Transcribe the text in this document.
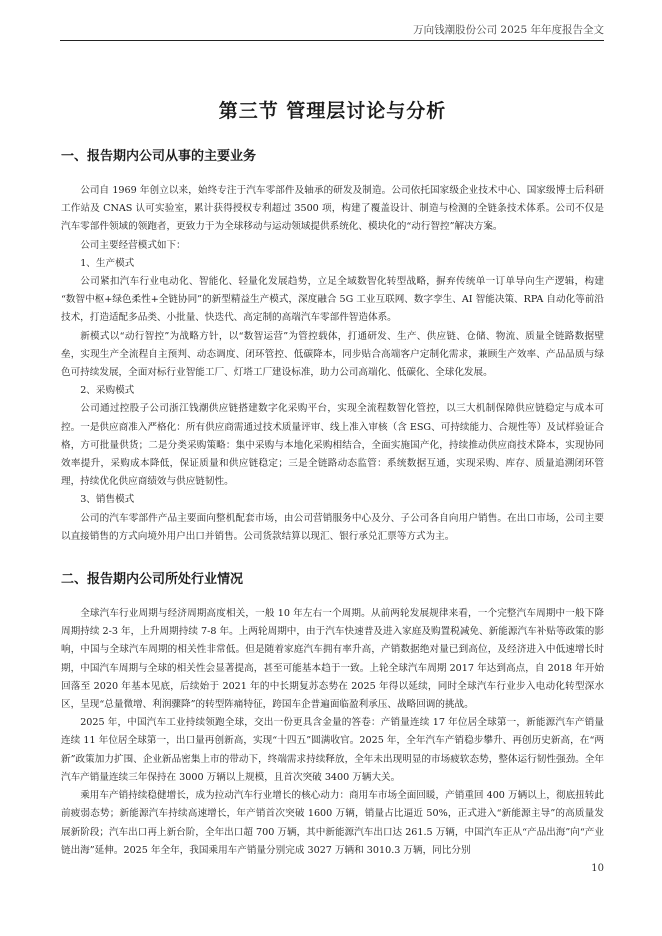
万向钱潮股份公司 2025 年年度报告全文
第三节 管理层讨论与分析
一、报告期内公司从事的主要业务

公司自 1969 年创立以来，始终专注于汽车零部件及轴承的研发及制造。公司依托国家级企业技术中心、国家级博士后科研工作站及 CNAS 认可实验室，累计获得授权专利超过 3500 项，构建了覆盖设计、制造与检测的全链条技术体系。公司不仅是汽车零部件领域的领跑者，更致力于为全球移动与运动领域提供系统化、模块化的“动行智控”解决方案。

公司主要经营模式如下：

1、生产模式

公司紧扣汽车行业电动化、智能化、轻量化发展趋势，立足全域数智化转型战略，摒弃传统单一订单导向生产逻辑，构建 “数智中枢+绿色柔性+全链协同”的新型精益生产模式，深度融合 5G 工业互联网、数字孪生、AI 智能决策、RPA 自动化等前沿技术，打造适配多品类、小批量、快迭代、高定制的高端汽车零部件智造体系。

新模式以“动行智控”为战略方针，以“数智运营”为管控载体，打通研发、生产、供应链、仓储、物流、质量全链路数据壁垒，实现生产全流程自主预判、动态调度、闭环管控、低碳降本，同步贴合高端客户定制化需求，兼顾生产效率、产品品质与绿色可持续发展，全面对标行业智能工厂、灯塔工厂建设标准，助力公司高端化、低碳化、全球化发展。

2、采购模式

公司通过控股子公司浙江钱潮供应链搭建数字化采购平台，实现全流程数智化管控，以三大机制保障供应链稳定与成本可控。一是供应商准入严格化：所有供应商需通过技术质量评审、线上准入审核（含 ESG、可持续能力、合规性等）及试样验证合格，方可批量供货；二是分类采购策略：集中采购与本地化采购相结合，全面实施国产化，持续推动供应商技术降本，实现协同效率提升，采购成本降低，保证质量和供应链稳定；三是全链路动态监管：系统数据互通，实现采购、库存、质量追溯闭环管理，持续优化供应商绩效与供应链韧性。

3、销售模式

公司的汽车零部件产品主要面向整机配套市场，由公司营销服务中心及分、子公司各自向用户销售。在出口市场，公司主要以直接销售的方式向境外用户出口并销售。公司货款结算以现汇、银行承兑汇票等方式为主。

二、报告期内公司所处行业情况

全球汽车行业周期与经济周期高度相关，一般 10 年左右一个周期。从前两轮发展规律来看，一个完整汽车周期中一般下降周期持续 2-3 年，上升周期持续 7-8 年。上两轮周期中，由于汽车快速普及进入家庭及购置税减免、新能源汽车补贴等政策的影响，中国与全球汽车周期的相关性非常低。但是随着家庭汽车拥有率升高，产销数据绝对量已到高位，及经济进入中低速增长时期，中国汽车周期与全球的相关性会显著提高，甚至可能基本趋于一致。上轮全球汽车周期 2017 年达到高点，自 2018 年开始回落至 2020 年基本见底，后续始于 2021 年的中长期复苏态势在 2025 年得以延续，同时全球汽车行业步入电动化转型深水区，呈现“总量微增、利润骤降”的转型阵痛特征，跨国车企普遍面临盈利承压、战略回调的挑战。

2025 年，中国汽车工业持续领跑全球，交出一份更具含金量的答卷：产销量连续 17 年位居全球第一，新能源汽车产销量连续 11 年位居全球第一，出口量再创新高，实现“十四五”圆满收官。2025 年，全年汽车产销稳步攀升、再创历史新高，在“两新”政策加力扩围、企业新品密集上市的带动下，终端需求持续释放，全年未出现明显的市场疲软态势，整体运行韧性强劲。全年汽车产销量连续三年保持在 3000 万辆以上规模，且首次突破 3400 万辆大关。

乘用车产销持续稳健增长，成为拉动汽车行业增长的核心动力：商用车市场全面回暖，产销重回 400 万辆以上，彻底扭转此前疲弱态势；新能源汽车持续高速增长，年产销首次突破 1600 万辆，销量占比逼近 50%，正式进入“新能源主导”的高质量发展新阶段；汽车出口再上新台阶，全年出口超 700 万辆，其中新能源汽车出口达 261.5 万辆，中国汽车正从“产品出海”向“产业链出海”延伸。2025 年全年，我国乘用车产销量分别完成 3027 万辆和 3010.3 万辆，同比分别

10
